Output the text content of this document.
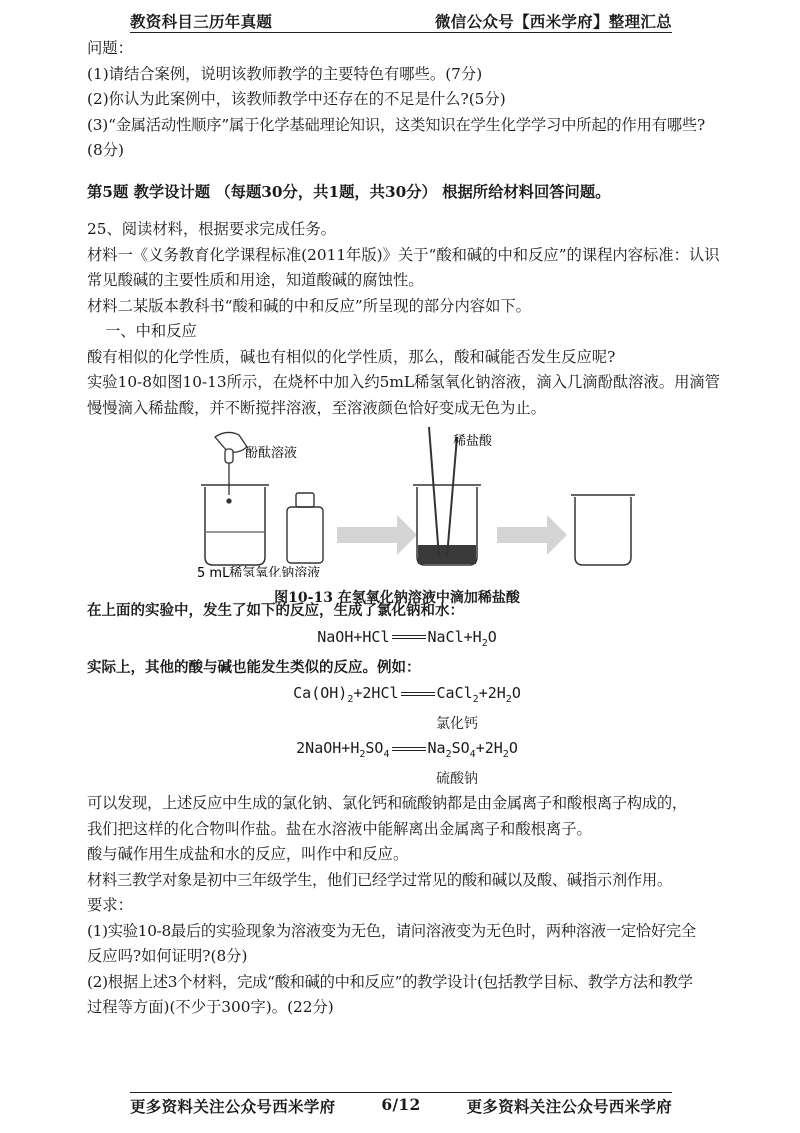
教资科目三历年真题	微信公众号【西米学府】整理汇总

问题：

(1)请结合案例，说明该教师教学的主要特色有哪些。(7分)

(2)你认为此案例中，该教师教学中还存在的不足是什么?(5分)

(3)“金属活动性顺序”属于化学基础理论知识，这类知识在学生化学学习中所起的作用有哪些?

(8分)

第5题 教学设计题 （每题30分，共1题，共30分） 根据所给材料回答问题。

25、阅读材料，根据要求完成任务。

材料一《义务教育化学课程标准(2011年版)》关于“酸和碱的中和反应”的课程内容标准：认识常见酸碱的主要性质和用途，知道酸碱的腐蚀性。

材料二某版本教科书“酸和碱的中和反应”所呈现的部分内容如下。

一、中和反应

酸有相似的化学性质，碱也有相似的化学性质，那么，酸和碱能否发生反应呢?

实验10-8如图10-13所示，在烧杯中加入约5mL稀氢氧化钠溶液，滴入几滴酚酞溶液。用滴管慢慢滴入稀盐酸，并不断搅拌溶液，至溶液颜色恰好变成无色为止。

酚酞溶液
稀盐酸
5 mL稀氢氧化钠溶液
图10-13 在氢氧化钠溶液中滴加稀盐酸

在上面的实验中，发生了如下的反应，生成了氯化钠和水：

NaOH+HCl	$NaCl+H_2O$

实际上，其他的酸与碱也能发生类似的反应。例如：

$Ca(OH)_2+2HCl$	$CaCl_2+2H_2O$
氯化钙
$2NaOH+H_2SO_4$	$Na_2SO_4+2H_2O$
硫酸钠

可以发现，上述反应中生成的氯化钠、氯化钙和硫酸钠都是由金属离子和酸根离子构成的，

我们把这样的化合物叫作盐。盐在水溶液中能解离出金属离子和酸根离子。

酸与碱作用生成盐和水的反应，叫作中和反应。

材料三教学对象是初中三年级学生，他们已经学过常见的酸和碱以及酸、碱指示剂作用。

要求：

(1)实验10-8最后的实验现象为溶液变为无色，请问溶液变为无色时，两种溶液一定恰好完全

反应吗?如何证明?(8分)

(2)根据上述3个材料，完成“酸和碱的中和反应”的教学设计(包括教学目标、教学方法和教学

过程等方面)(不少于300字)。(22分)

更多资料关注公众号西米学府	6/12	更多资料关注公众号西米学府
